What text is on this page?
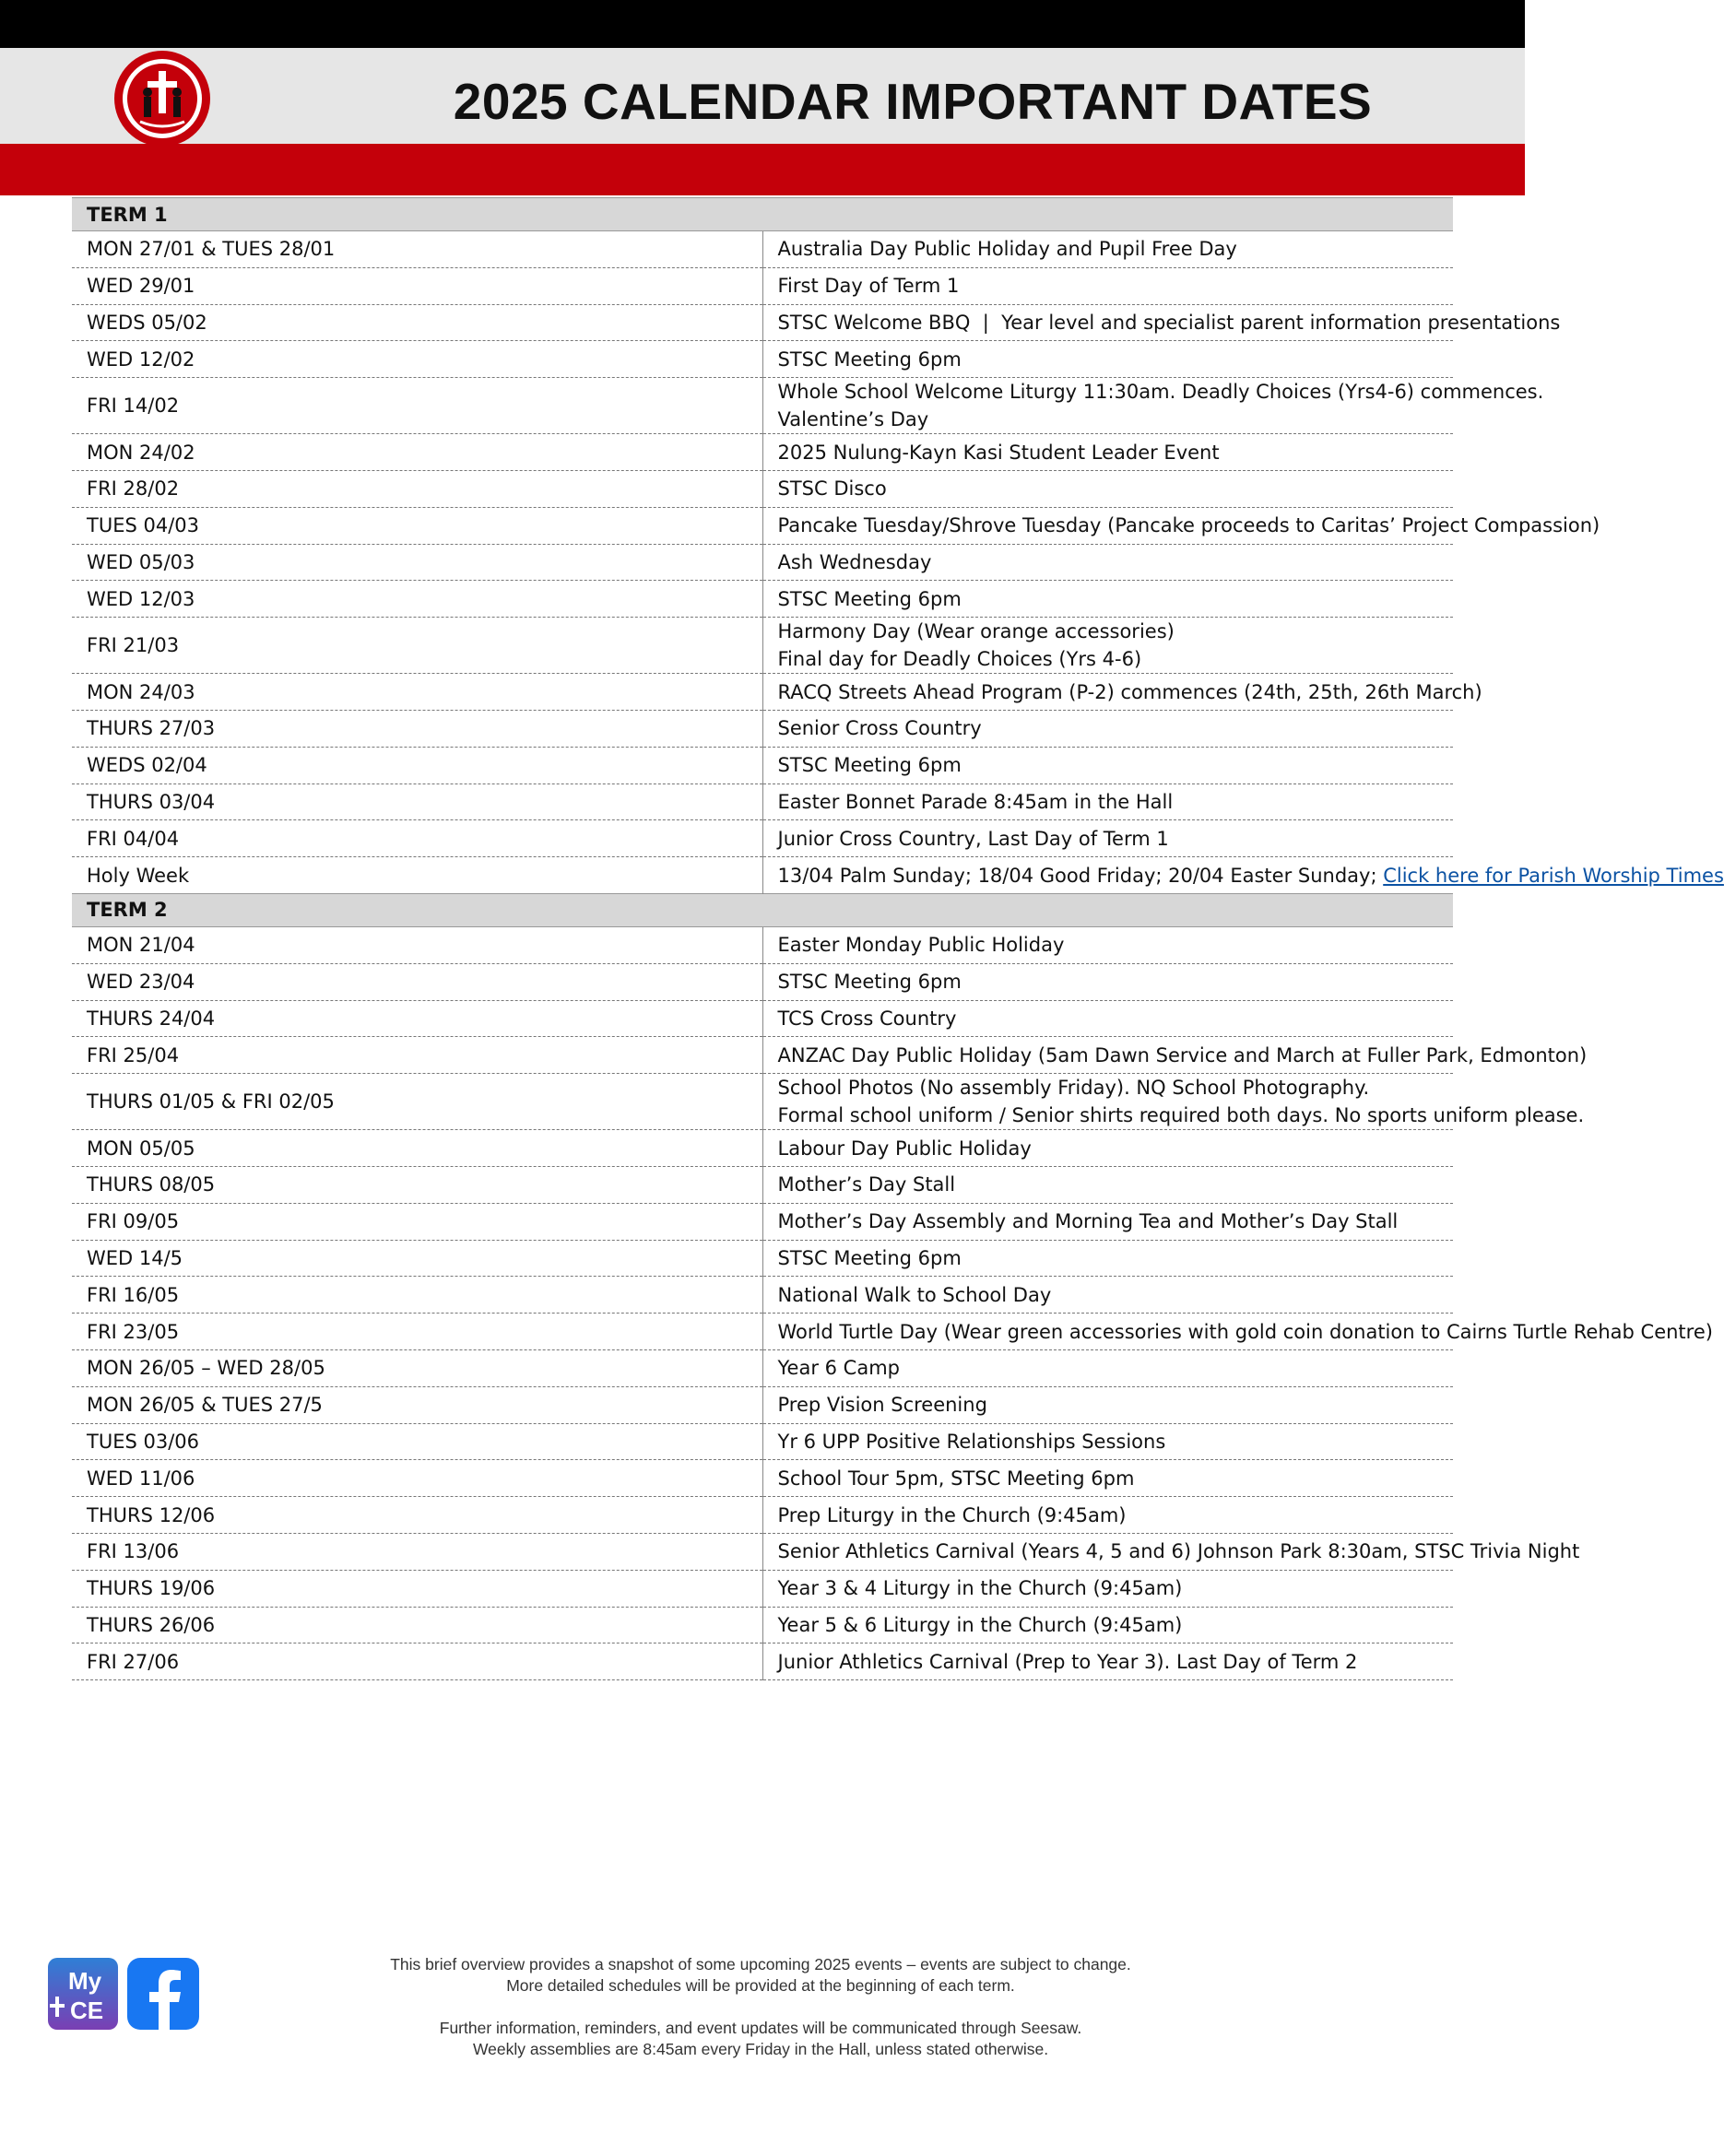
2025 CALENDAR IMPORTANT DATES
TERM 1	
MON 27/01 & TUES 28/01	Australia Day Public Holiday and Pupil Free Day
WED 29/01	First Day of Term 1
WEDS 05/02	STSC Welcome BBQ  |  Year level and specialist parent information presentations
WED 12/02	STSC Meeting 6pm
FRI 14/02	Whole School Welcome Liturgy 11:30am. Deadly Choices (Yrs4-6) commences.
Valentine’s Day

MON 24/02	2025 Nulung-Kayn Kasi Student Leader Event
FRI 28/02	STSC Disco
TUES 04/03	Pancake Tuesday/Shrove Tuesday (Pancake proceeds to Caritas’ Project Compassion)
WED 05/03	Ash Wednesday
WED 12/03	STSC Meeting 6pm
FRI 21/03	Harmony Day (Wear orange accessories)
Final day for Deadly Choices (Yrs 4-6)

MON 24/03	RACQ Streets Ahead Program (P-2) commences (24th, 25th, 26th March)
THURS 27/03	Senior Cross Country
WEDS 02/04	STSC Meeting 6pm
THURS 03/04	Easter Bonnet Parade 8:45am in the Hall
FRI 04/04	Junior Cross Country, Last Day of Term 1
Holy Week	13/04 Palm Sunday; 18/04 Good Friday; 20/04 Easter Sunday; Click here for Parish Worship Times
TERM 2	
MON 21/04	Easter Monday Public Holiday
WED 23/04	STSC Meeting 6pm
THURS 24/04	TCS Cross Country
FRI 25/04	ANZAC Day Public Holiday (5am Dawn Service and March at Fuller Park, Edmonton)
THURS 01/05 & FRI 02/05	School Photos (No assembly Friday). NQ School Photography.
Formal school uniform / Senior shirts required both days. No sports uniform please.

MON 05/05	Labour Day Public Holiday
THURS 08/05	Mother’s Day Stall
FRI 09/05	Mother’s Day Assembly and Morning Tea and Mother’s Day Stall
WED 14/5	STSC Meeting 6pm
FRI 16/05	National Walk to School Day
FRI 23/05	World Turtle Day (Wear green accessories with gold coin donation to Cairns Turtle Rehab Centre)
MON 26/05 – WED 28/05	Year 6 Camp
MON 26/05 & TUES 27/5	Prep Vision Screening
TUES 03/06	Yr 6 UPP Positive Relationships Sessions
WED 11/06	School Tour 5pm, STSC Meeting 6pm
THURS 12/06	Prep Liturgy in the Church (9:45am)
FRI 13/06	Senior Athletics Carnival (Years 4, 5 and 6) Johnson Park 8:30am, STSC Trivia Night
THURS 19/06	Year 3 & 4 Liturgy in the Church (9:45am)
THURS 26/06	Year 5 & 6 Liturgy in the Church (9:45am)
FRI 27/06	Junior Athletics Carnival (Prep to Year 3). Last Day of Term 2
My
CE
This brief overview provides a snapshot of some upcoming 2025 events – events are subject to change.
More detailed schedules will be provided at the beginning of each term.
Further information, reminders, and event updates will be communicated through Seesaw.
Weekly assemblies are 8:45am every Friday in the Hall, unless stated otherwise.
